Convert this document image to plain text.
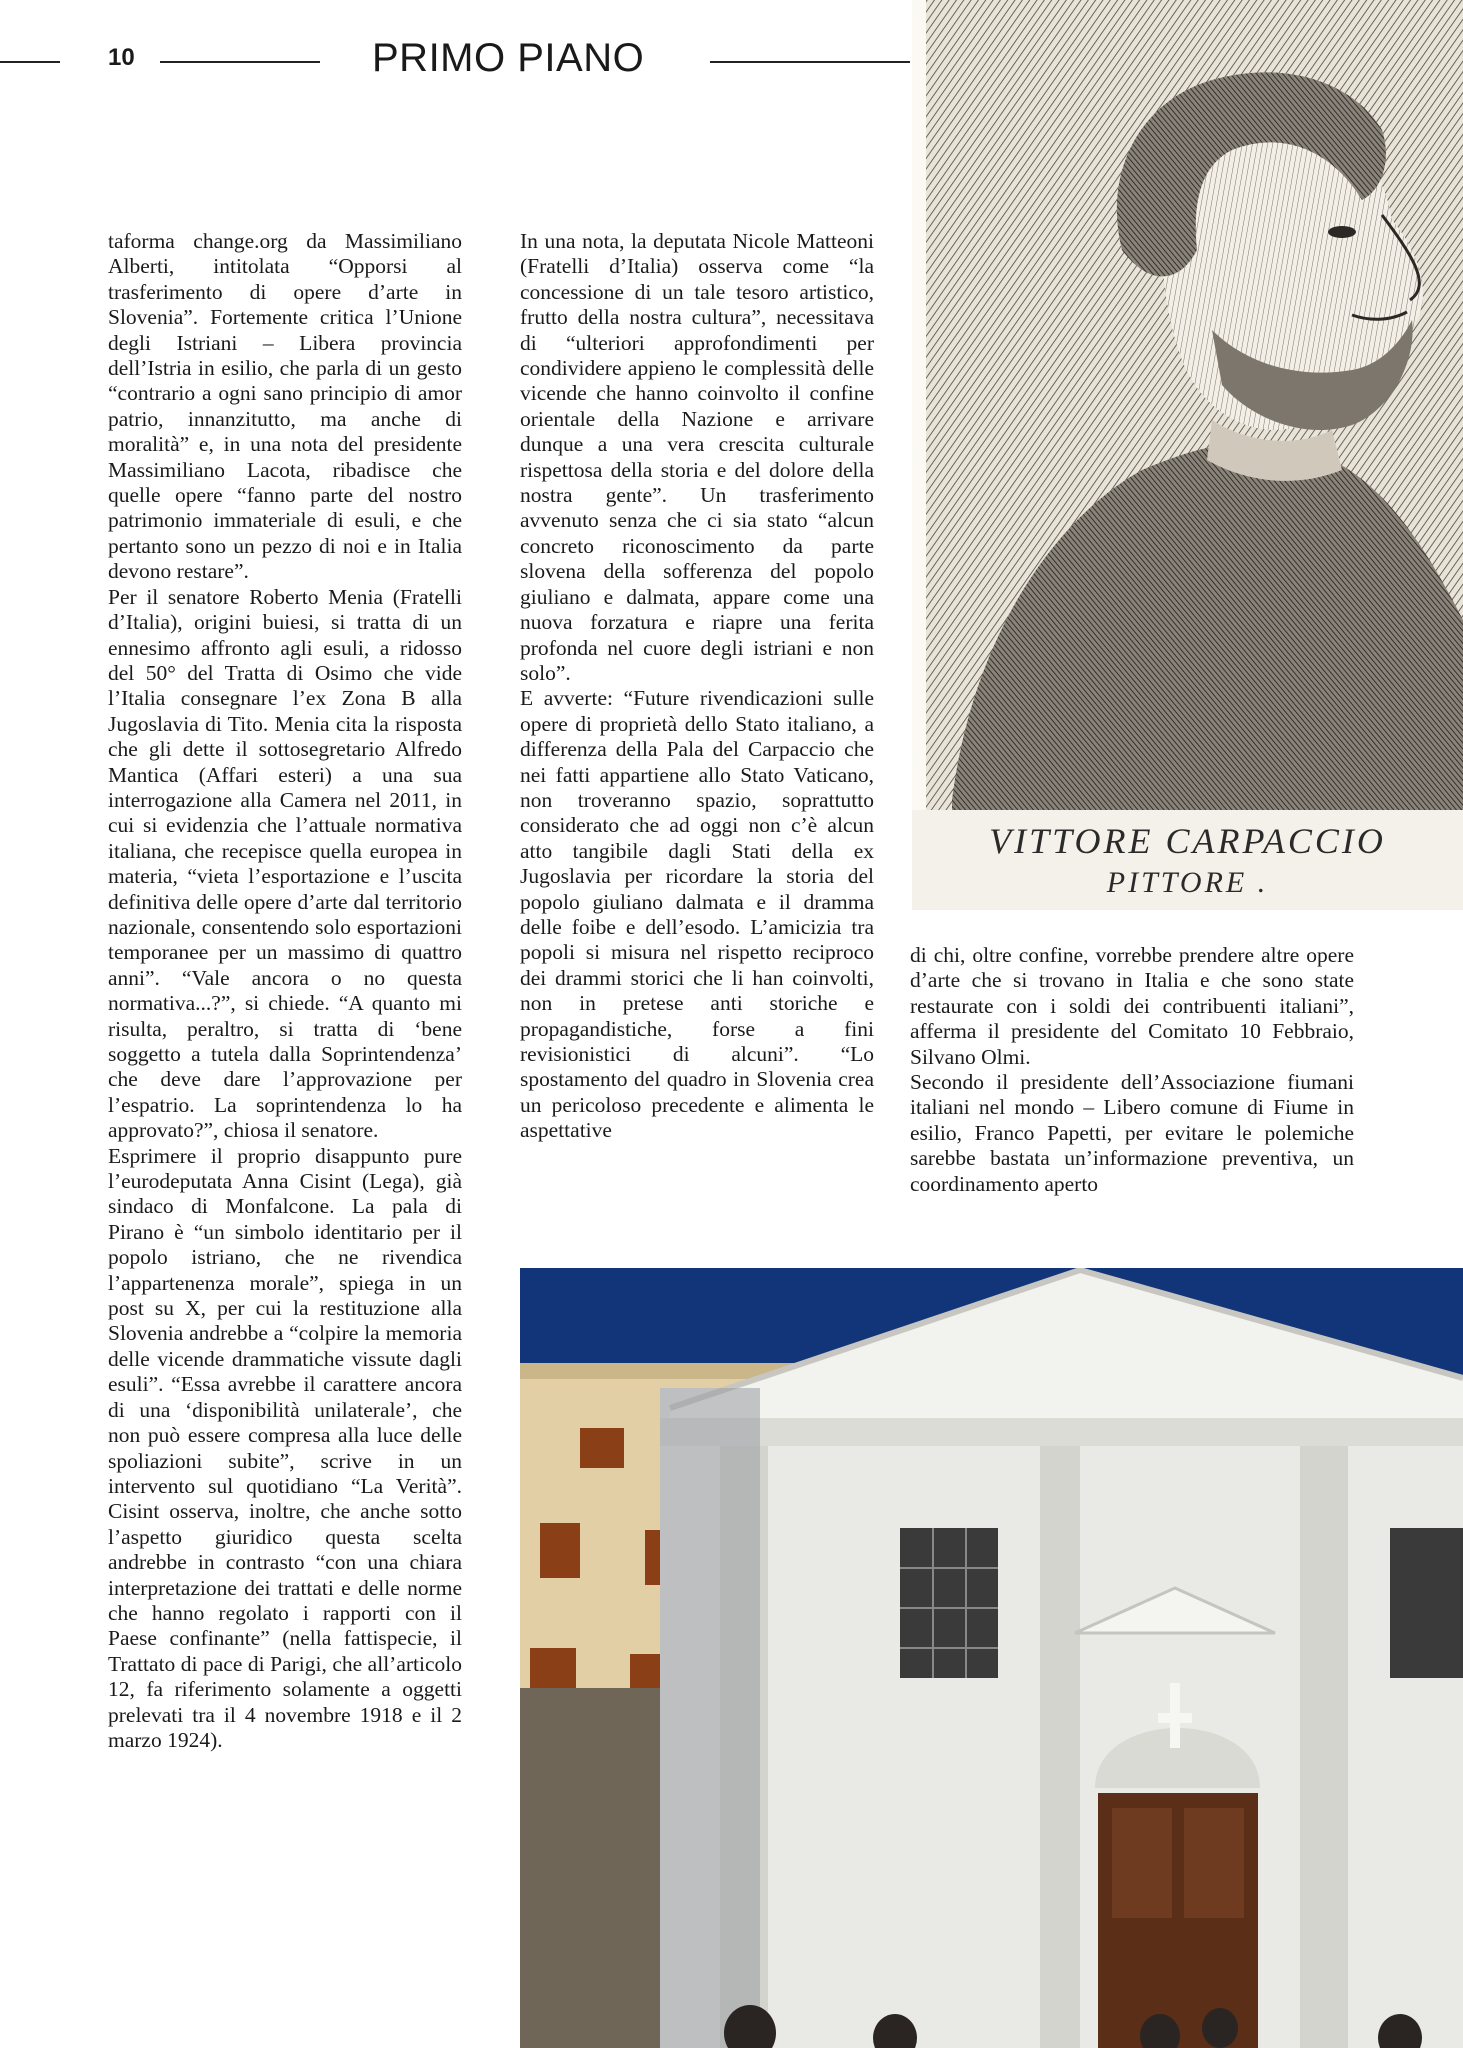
10	PRIMO PIANO

taforma change.org da Massimiliano Alberti, intitolata “Opporsi al trasferimento di opere d’arte in Slovenia”. Fortemente critica l’Unione degli Istriani – Libera provincia dell’Istria in esilio, che parla di un gesto “contrario a ogni sano principio di amor patrio, innanzitutto, ma anche di moralità” e, in una nota del presidente Massimiliano Lacota, ribadisce che quelle opere “fanno parte del nostro patrimonio immateriale di esuli, e che pertanto sono un pezzo di noi e in Italia devono restare”.

Per il senatore Roberto Menia (Fratelli d’Italia), origini buiesi, si tratta di un ennesimo affronto agli esuli, a ridosso del 50° del Tratta di Osimo che vide l’Italia consegnare l’ex Zona B alla Jugoslavia di Tito. Menia cita la risposta che gli dette il sottosegretario Alfredo Mantica (Affari esteri) a una sua interrogazione alla Camera nel 2011, in cui si evidenzia che l’attuale normativa italiana, che recepisce quella europea in materia, “vieta l’esportazione e l’uscita definitiva delle opere d’arte dal territorio nazionale, consentendo solo esportazioni temporanee per un massimo di quattro anni”. “Vale ancora o no questa normativa...?”, si chiede. “A quanto mi risulta, peraltro, si tratta di ‘bene soggetto a tutela dalla Soprintendenza’ che deve dare l’approvazione per l’espatrio. La soprintendenza lo ha approvato?”, chiosa il senatore.

Esprimere il proprio disappunto pure l’eurodeputata Anna Cisint (Lega), già sindaco di Monfalcone. La pala di Pirano è “un simbolo identitario per il popolo istriano, che ne rivendica l’appartenenza morale”, spiega in un post su X, per cui la restituzione alla Slovenia andrebbe a “colpire la memoria delle vicende drammatiche vissute dagli esuli”. “Essa avrebbe il carattere ancora di una ‘disponibilità unilaterale’, che non può essere compresa alla luce delle spoliazioni subite”, scrive in un intervento sul quotidiano “La Verità”. Cisint osserva, inoltre, che anche sotto l’aspetto giuridico questa scelta andrebbe in contrasto “con una chiara interpretazione dei trattati e delle norme che hanno regolato i rapporti con il Paese confinante” (nella fattispecie, il Trattato di pace di Parigi, che all’articolo 12, fa riferimento solamente a oggetti prelevati tra il 4 novembre 1918 e il 2 marzo 1924).

In una nota, la deputata Nicole Matteoni (Fratelli d’Italia) osserva come “la concessione di un tale tesoro artistico, frutto della nostra cultura”, necessitava di “ulteriori approfondimenti per condividere appieno le complessità delle vicende che hanno coinvolto il confine orientale della Nazione e arrivare dunque a una vera crescita culturale rispettosa della storia e del dolore della nostra gente”. Un trasferimento avvenuto senza che ci sia stato “alcun concreto riconoscimento da parte slovena della sofferenza del popolo giuliano e dalmata, appare come una nuova forzatura e riapre una ferita profonda nel cuore degli istriani e non solo”.

E avverte: “Future rivendicazioni sulle opere di proprietà dello Stato italiano, a differenza della Pala del Carpaccio che nei fatti appartiene allo Stato Vaticano, non troveranno spazio, soprattutto considerato che ad oggi non c’è alcun atto tangibile dagli Stati della ex Jugoslavia per ricordare la storia del popolo giuliano dalmata e il dramma delle foibe e dell’esodo. L’amicizia tra popoli si misura nel rispetto reciproco dei drammi storici che li han coinvolti, non in pretese anti storiche e propagandistiche, forse a fini revisionistici di alcuni”. “Lo spostamento del quadro in Slovenia crea un pericoloso precedente e alimenta le aspettative

di chi, oltre confine, vorrebbe prendere altre opere d’arte che si trovano in Italia e che sono state restaurate con i soldi dei contribuenti italiani”, afferma il presidente del Comitato 10 Febbraio, Silvano Olmi.

Secondo il presidente dell’Associazione fiumani italiani nel mondo – Libero comune di Fiume in esilio, Franco Papetti, per evitare le polemiche sarebbe bastata un’informazione preventiva, un coordinamento aperto

VITTORE CARPACCIO
PITTORE .
